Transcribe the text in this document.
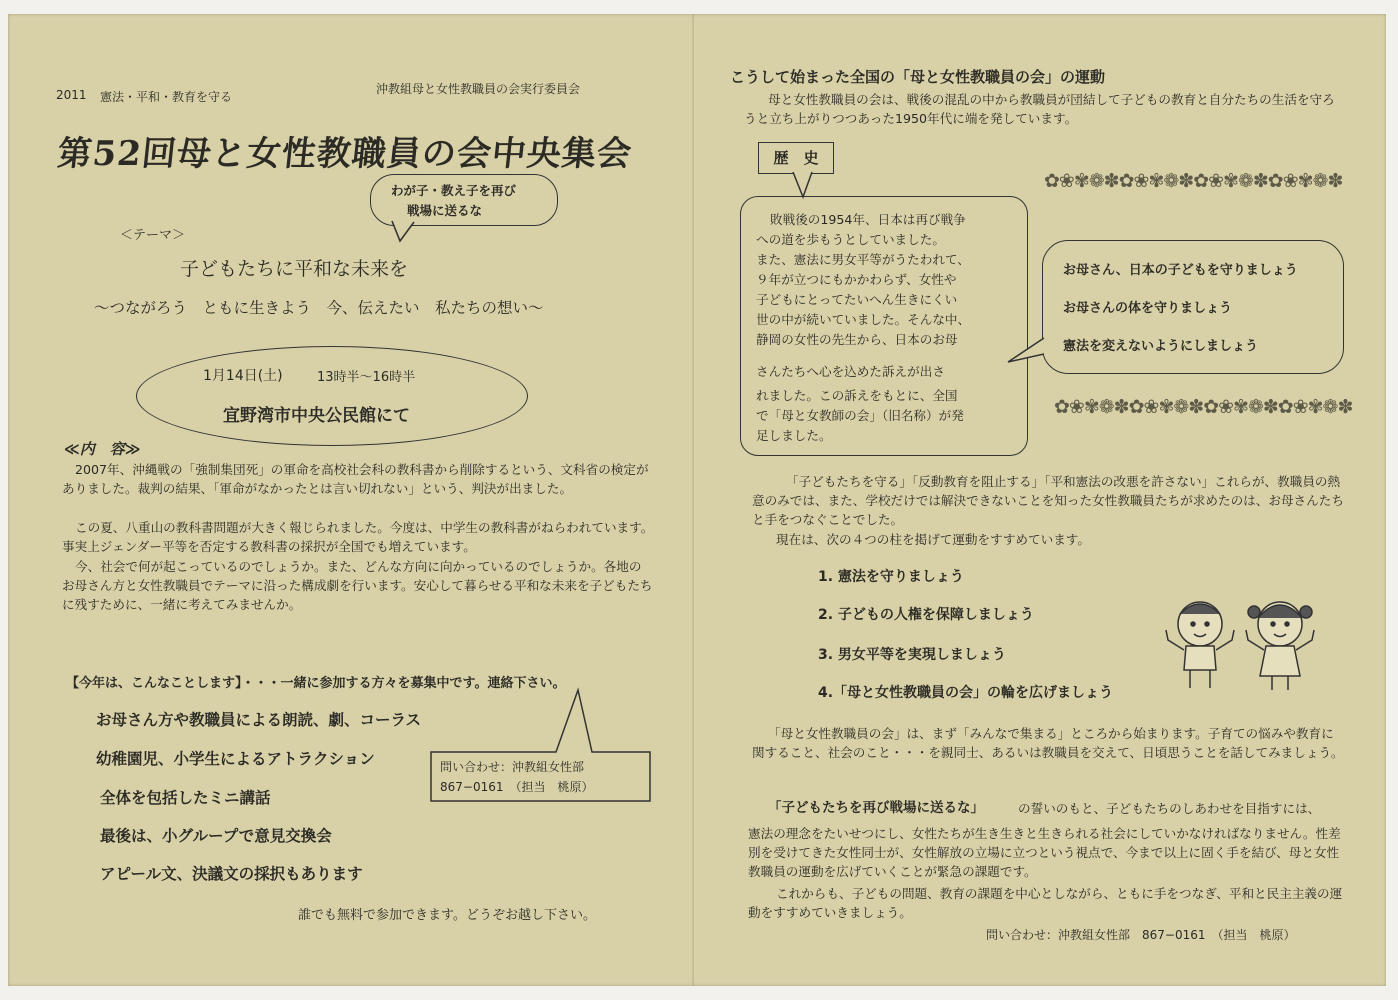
2011 憲法・平和・教育を守る
沖教組母と女性教職員の会実行委員会
第52回母と女性教職員の会中央集会
わが子・教え子を再び
戦場に送るな
＜テーマ＞
子どもたちに平和な未来を
～つながろう　ともに生きよう　今、伝えたい　私たちの想い～
1月14日(土)	13時半～16時半
宜野湾市中央公民館にて
≪内　容≫
2007年、沖縄戦の「強制集団死」の軍命を高校社会科の教科書から削除するという、文科省の検定がありました。裁判の結果、「軍命がなかったとは言い切れない」という、判決が出ました。
この夏、八重山の教科書問題が大きく報じられました。今度は、中学生の教科書がねらわれています。事実上ジェンダー平等を否定する教科書の採択が全国でも増えています。
今、社会で何が起こっているのでしょうか。また、どんな方向に向かっているのでしょうか。各地のお母さん方と女性教職員でテーマに沿った構成劇を行います。安心して暮らせる平和な未来を子どもたちに残すために、一緒に考えてみませんか。
【今年は、こんなことします】・・・一緒に参加する方々を募集中です。連絡下さい。
お母さん方や教職員による朗読、劇、コーラス
幼稚園児、小学生によるアトラクション
全体を包括したミニ講話
最後は、小グループで意見交換会
アピール文、決議文の採択もあります
問い合わせ：沖教組女性部
867−0161　（担当　桃原）
誰でも無料で参加できます。どうぞお越し下さい。
こうして始まった全国の「母と女性教職員の会」の運動
母と女性教職員の会は、戦後の混乱の中から教職員が団結して子どもの教育と自分たちの生活を守ろうと立ち上がりつつあった1950年代に端を発しています。
歴　史
敗戦後の1954年、日本は再び戦争
への道を歩もうとしていました。
また、憲法に男女平等がうたわれて、
９年が立つにもかかわらず、女性や
子どもにとってたいへん生きにくい
世の中が続いていました。そんな中、
静岡の女性の先生から、日本のお母
さんたちへ心を込めた訴えが出さ
れました。この訴えをもとに、全国
で「母と女教師の会」（旧名称）が発
足しました。
お母さん、日本の子どもを守りましょう
お母さんの体を守りましょう
憲法を変えないようにしましょう
✿❀✾❁✽✿❀✾❁✽✿❀✾❁✽✿❀✾❁✽
✿❀✾❁✽✿❀✾❁✽✿❀✾❁✽✿❀✾❁✽
「子どもたちを守る」「反動教育を阻止する」「平和憲法の改悪を許さない」これらが、教職員の熱意のみでは、また、学校だけでは解決できないことを知った女性教職員たちが求めたのは、お母さんたちと手をつなぐことでした。
現在は、次の４つの柱を掲げて運動をすすめています。
1. 憲法を守りましょう
2. 子どもの人権を保障しましょう
3. 男女平等を実現しましょう
4.「母と女性教職員の会」の輪を広げましょう
「母と女性教職員の会」は、まず「みんなで集まる」ところから始まります。子育ての悩みや教育に関すること、社会のこと・・・を親同士、あるいは教職員を交えて、日頃思うことを話してみましょう。
「子どもたちを再び戦場に送るな」	の誓いのもと、子どもたちのしあわせを目指すには、
憲法の理念をたいせつにし、女性たちが生き生きと生きられる社会にしていかなければなりません。性差別を受けてきた女性同士が、女性解放の立場に立つという視点で、今まで以上に固く手を結び、母と女性教職員の運動を広げていくことが緊急の課題です。
これからも、子どもの問題、教育の課題を中心としながら、ともに手をつなぎ、平和と民主主義の運動をすすめていきましょう。
問い合わせ：沖教組女性部　867−0161　（担当　桃原）
